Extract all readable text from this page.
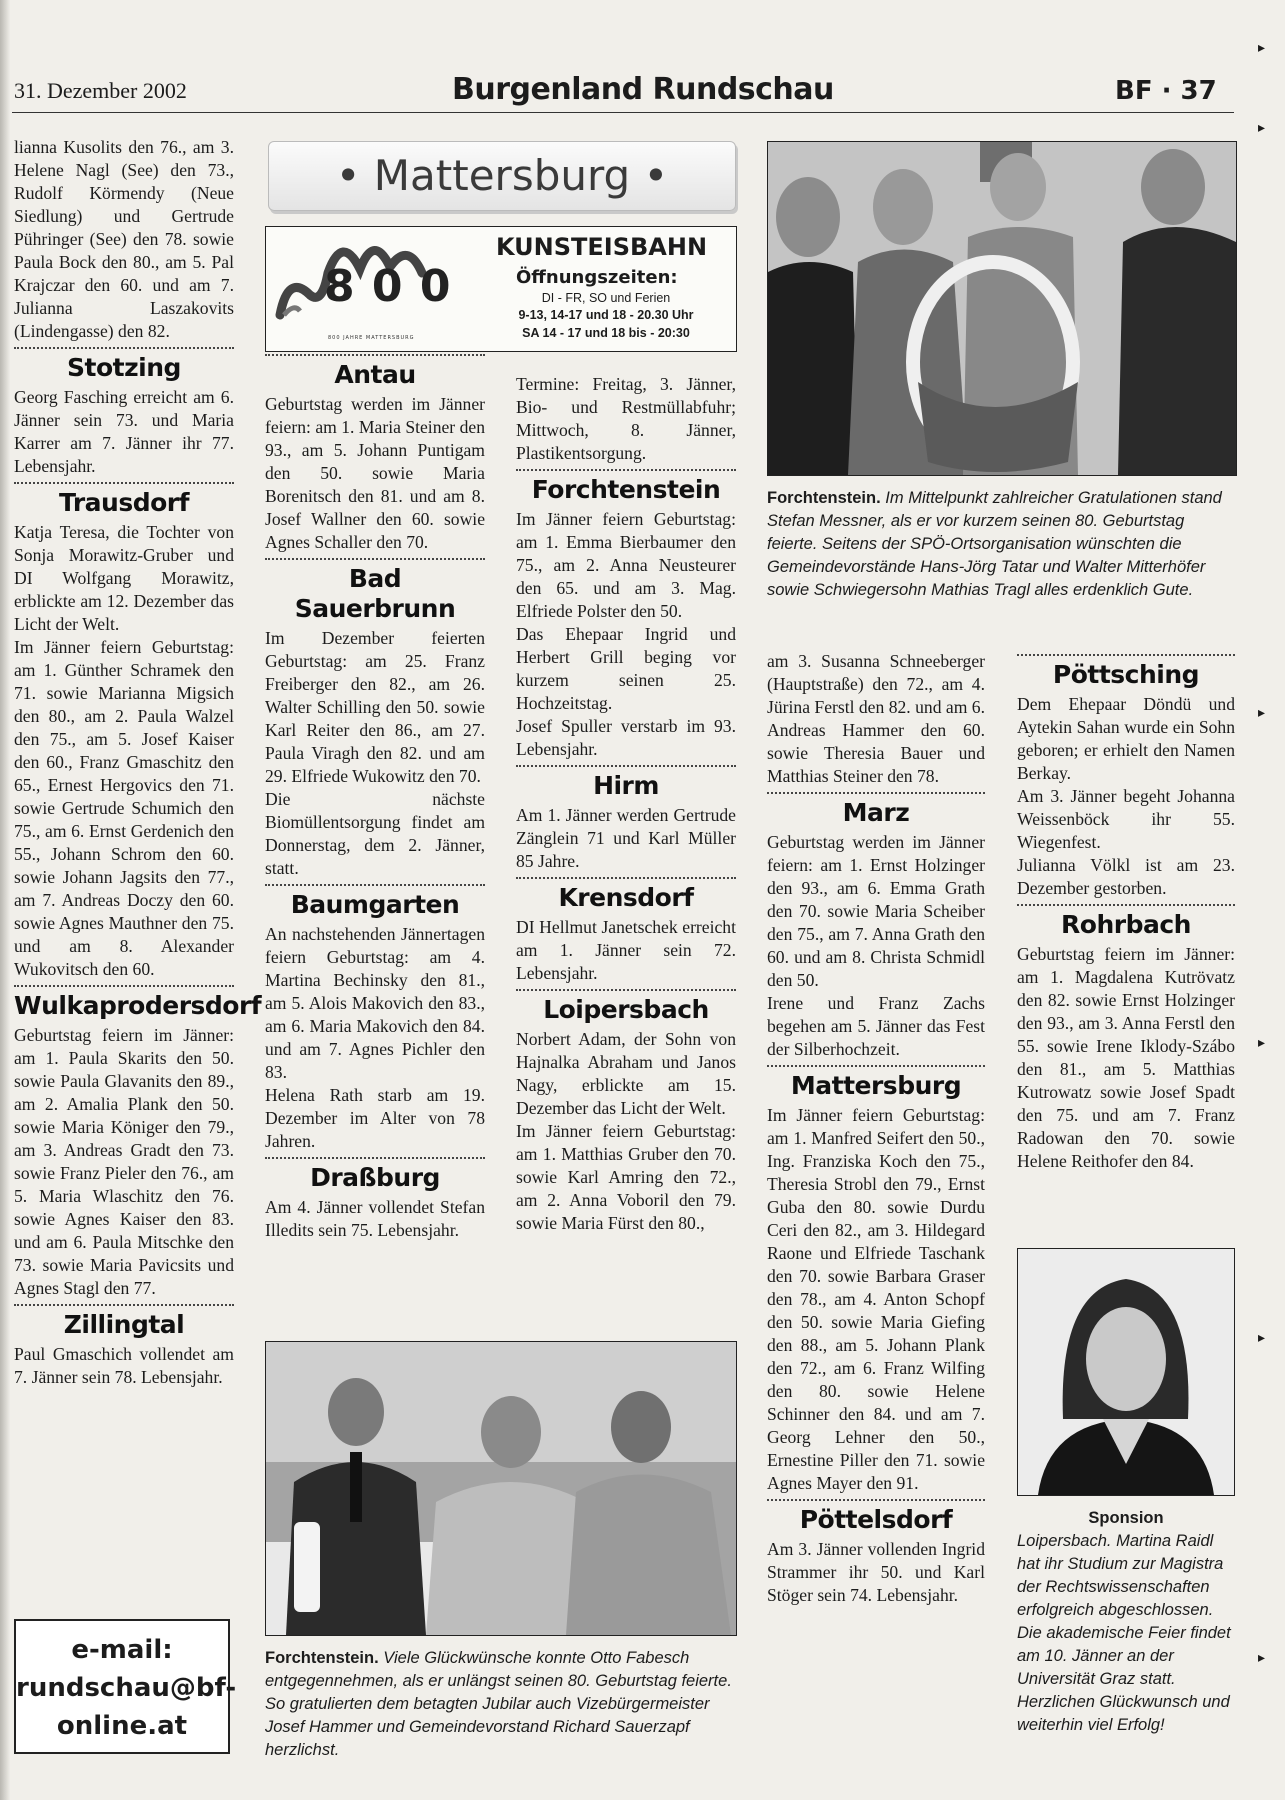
31. Dezember 2002	Burgenland Rundschau	BF · 37

lianna Kusolits den 76., am 3. Helene Nagl (See) den 73., Rudolf Körmendy (Neue Siedlung) und Gertrude Pühringer (See) den 78. sowie Paula Bock den 80., am 5. Pal Krajczar den 60. und am 7. Julianna Laszakovits (Lindengasse) den 82.

Stotzing

Georg Fasching erreicht am 6. Jänner sein 73. und Maria Karrer am 7. Jänner ihr 77. Lebensjahr.

Trausdorf

Katja Teresa, die Tochter von Sonja Morawitz-Gruber und DI Wolfgang Morawitz, erblickte am 12. Dezember das Licht der Welt.
Im Jänner feiern Geburtstag: am 1. Günther Schramek den 71. sowie Marianna Migsich den 80., am 2. Paula Walzel den 75., am 5. Josef Kaiser den 60., Franz Gmaschitz den 65., Ernest Hergovics den 71. sowie Gertrude Schumich den 75., am 6. Ernst Gerdenich den 55., Johann Schrom den 60. sowie Johann Jagsits den 77., am 7. Andreas Doczy den 60. sowie Agnes Mauthner den 75. und am 8. Alexander Wukovitsch den 60.

Wulkaprodersdorf

Geburtstag feiern im Jänner: am 1. Paula Skarits den 50. sowie Paula Glavanits den 89., am 2. Amalia Plank den 50. sowie Maria Königer den 79., am 3. Andreas Gradt den 73. sowie Franz Pieler den 76., am 5. Maria Wlaschitz den 76. sowie Agnes Kaiser den 83. und am 6. Paula Mitschke den 73. sowie Maria Pavicsits und Agnes Stagl den 77.

Zillingtal

Paul Gmaschich vollendet am 7. Jänner sein 78. Lebensjahr.

e-mail:
rundschau@bf-
online.at
• Mattersburg •
8 0 0
800 JAHRE MATTERSBURG
KUNSTEISBAHN
Öffnungszeiten:
DI - FR, SO und Ferien
9-13, 14-17 und 18 - 20.30 Uhr
SA 14 - 17 und 18 bis - 20:30
Antau

Geburtstag werden im Jänner feiern: am 1. Maria Steiner den 93., am 5. Johann Puntigam den 50. sowie Maria Borenitsch den 81. und am 8. Josef Wallner den 60. sowie Agnes Schaller den 70.

Bad Sauerbrunn

Im Dezember feierten Geburtstag: am 25. Franz Freiberger den 82., am 26. Walter Schilling den 50. sowie Karl Reiter den 86., am 27. Paula Viragh den 82. und am 29. Elfriede Wukowitz den 70.
Die nächste Biomüllentsorgung findet am Donnerstag, dem 2. Jänner, statt.

Baumgarten

An nachstehenden Jännertagen feiern Geburtstag: am 4. Martina Bechinsky den 81., am 5. Alois Makovich den 83., am 6. Maria Makovich den 84. und am 7. Agnes Pichler den 83.
Helena Rath starb am 19. Dezember im Alter von 78 Jahren.

Draßburg

Am 4. Jänner vollendet Stefan Illedits sein 75. Lebensjahr.

Termine: Freitag, 3. Jänner, Bio- und Restmüllabfuhr; Mittwoch, 8. Jänner, Plastikentsorgung.

Forchtenstein

Im Jänner feiern Geburtstag: am 1. Emma Bierbaumer den 75., am 2. Anna Neusteurer den 65. und am 3. Mag. Elfriede Polster den 50.
Das Ehepaar Ingrid und Herbert Grill beging vor kurzem seinen 25. Hochzeitstag.
Josef Spuller verstarb im 93. Lebensjahr.

Hirm

Am 1. Jänner werden Gertrude Zänglein 71 und Karl Müller 85 Jahre.

Krensdorf

DI Hellmut Janetschek erreicht am 1. Jänner sein 72. Lebensjahr.

Loipersbach

Norbert Adam, der Sohn von Hajnalka Abraham und Janos Nagy, erblickte am 15. Dezember das Licht der Welt.
Im Jänner feiern Geburtstag: am 1. Matthias Gruber den 70. sowie Karl Amring den 72., am 2. Anna Voboril den 79. sowie Maria Fürst den 80.,

Forchtenstein. Viele Glückwünsche konnte Otto Fabesch entgegennehmen, als er unlängst seinen 80. Geburtstag feierte. So gratulierten dem betagten Jubilar auch Vizebürgermeister Josef Hammer und Gemeindevorstand Richard Sauerzapf herzlichst.
Forchtenstein. Im Mittelpunkt zahlreicher Gratulationen stand Stefan Messner, als er vor kurzem seinen 80. Geburtstag feierte. Seitens der SPÖ-Ortsorganisation wünschten die Gemeindevorstände Hans-Jörg Tatar und Walter Mitterhöfer sowie Schwiegersohn Mathias Tragl alles erdenklich Gute.

am 3. Susanna Schneeberger (Hauptstraße) den 72., am 4. Jürina Ferstl den 82. und am 6. Andreas Hammer den 60. sowie Theresia Bauer und Matthias Steiner den 78.

Marz

Geburtstag werden im Jänner feiern: am 1. Ernst Holzinger den 93., am 6. Emma Grath den 70. sowie Maria Scheiber den 75., am 7. Anna Grath den 60. und am 8. Christa Schmidl den 50.
Irene und Franz Zachs begehen am 5. Jänner das Fest der Silberhochzeit.

Mattersburg

Im Jänner feiern Geburtstag: am 1. Manfred Seifert den 50., Ing. Franziska Koch den 75., Theresia Strobl den 79., Ernst Guba den 80. sowie Durdu Ceri den 82., am 3. Hildegard Raone und Elfriede Taschank den 70. sowie Barbara Graser den 78., am 4. Anton Schopf den 50. sowie Maria Giefing den 88., am 5. Johann Plank den 72., am 6. Franz Wilfing den 80. sowie Helene Schinner den 84. und am 7. Georg Lehner den 50., Ernestine Piller den 71. sowie Agnes Mayer den 91.

Pöttelsdorf

Am 3. Jänner vollenden Ingrid Strammer ihr 50. und Karl Stöger sein 74. Lebensjahr.

Pöttsching

Dem Ehepaar Döndü und Aytekin Sahan wurde ein Sohn geboren; er erhielt den Namen Berkay.
Am 3. Jänner begeht Johanna Weissenböck ihr 55. Wiegenfest.
Julianna Völkl ist am 23. Dezember gestorben.

Rohrbach

Geburtstag feiern im Jänner: am 1. Magdalena Kutrövatz den 82. sowie Ernst Holzinger den 93., am 3. Anna Ferstl den 55. sowie Irene Iklody-Szábo den 81., am 5. Matthias Kutrowatz sowie Josef Spadt den 75. und am 7. Franz Radowan den 70. sowie Helene Reithofer den 84.

Sponsion
Loipersbach. Martina Raidl hat ihr Studium zur Magistra der Rechtswissenschaften erfolgreich abgeschlossen. Die akademische Feier findet am 10. Jänner an der Universität Graz statt. Herzlichen Glückwunsch und weiterhin viel Erfolg!
▸
▸
▸
▸
▸
▸
